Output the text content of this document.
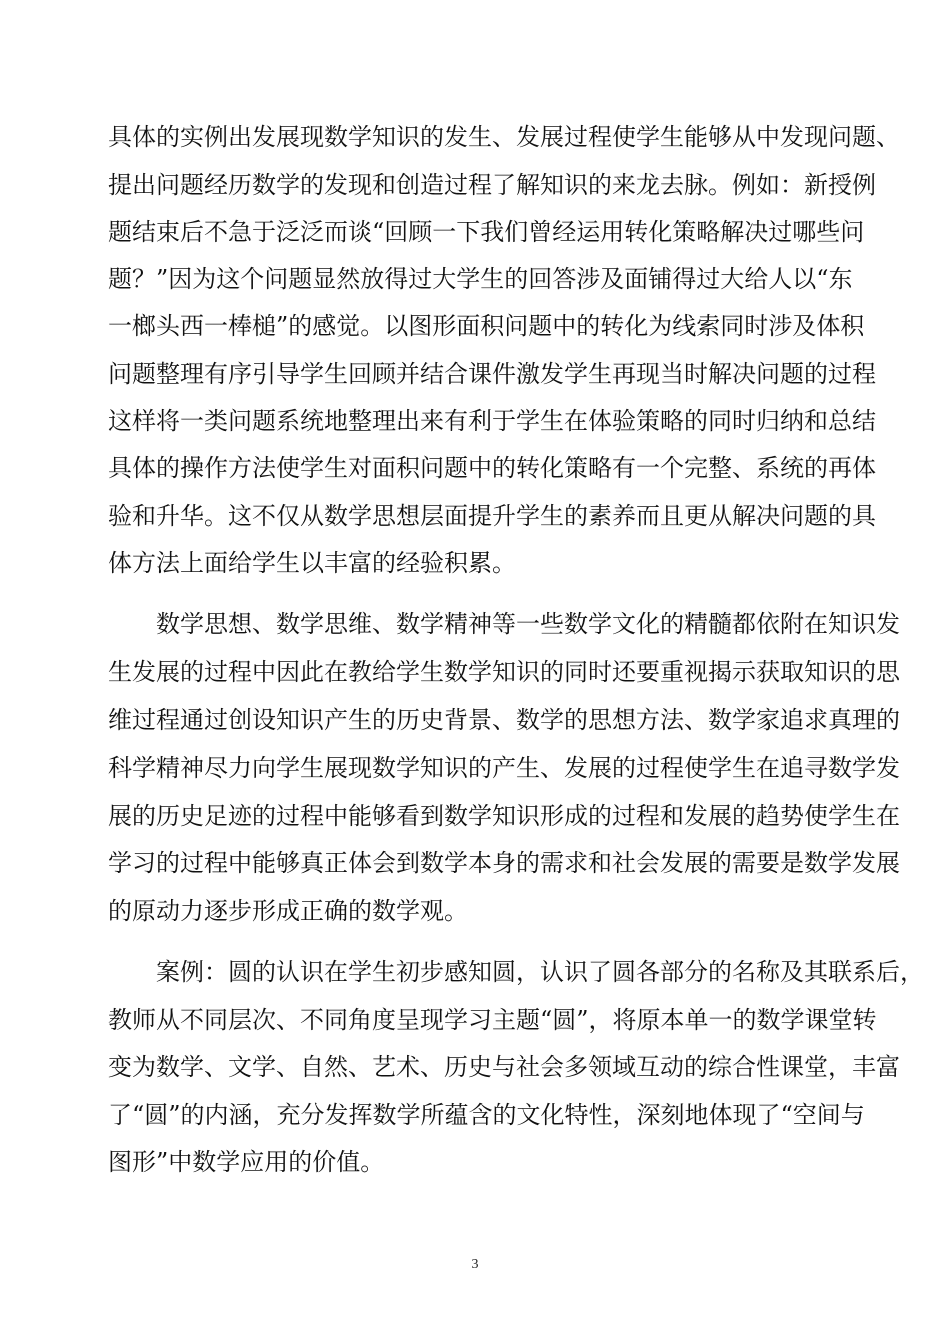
具体的实例出发展现数学知识的发生、发展过程使学生能够从中发现问题、
提出问题经历数学的发现和创造过程了解知识的来龙去脉。例如：新授例
题结束后不急于泛泛而谈“回顾一下我们曾经运用转化策略解决过哪些问
题？”因为这个问题显然放得过大学生的回答涉及面铺得过大给人以“东
一榔头西一棒槌”的感觉。以图形面积问题中的转化为线索同时涉及体积
问题整理有序引导学生回顾并结合课件激发学生再现当时解决问题的过程
这样将一类问题系统地整理出来有利于学生在体验策略的同时归纳和总结
具体的操作方法使学生对面积问题中的转化策略有一个完整、系统的再体
验和升华。这不仅从数学思想层面提升学生的素养而且更从解决问题的具
体方法上面给学生以丰富的经验积累。
数学思想、数学思维、数学精神等一些数学文化的精髓都依附在知识发
生发展的过程中因此在教给学生数学知识的同时还要重视揭示获取知识的思
维过程通过创设知识产生的历史背景、数学的思想方法、数学家追求真理的
科学精神尽力向学生展现数学知识的产生、发展的过程使学生在追寻数学发
展的历史足迹的过程中能够看到数学知识形成的过程和发展的趋势使学生在
学习的过程中能够真正体会到数学本身的需求和社会发展的需要是数学发展
的原动力逐步形成正确的数学观。
案例：圆的认识在学生初步感知圆，认识了圆各部分的名称及其联系后，
教师从不同层次、不同角度呈现学习主题“圆”，将原本单一的数学课堂转
变为数学、文学、自然、艺术、历史与社会多领域互动的综合性课堂，丰富
了“圆”的内涵，充分发挥数学所蕴含的文化特性，深刻地体现了“空间与
图形”中数学应用的价值。
3
